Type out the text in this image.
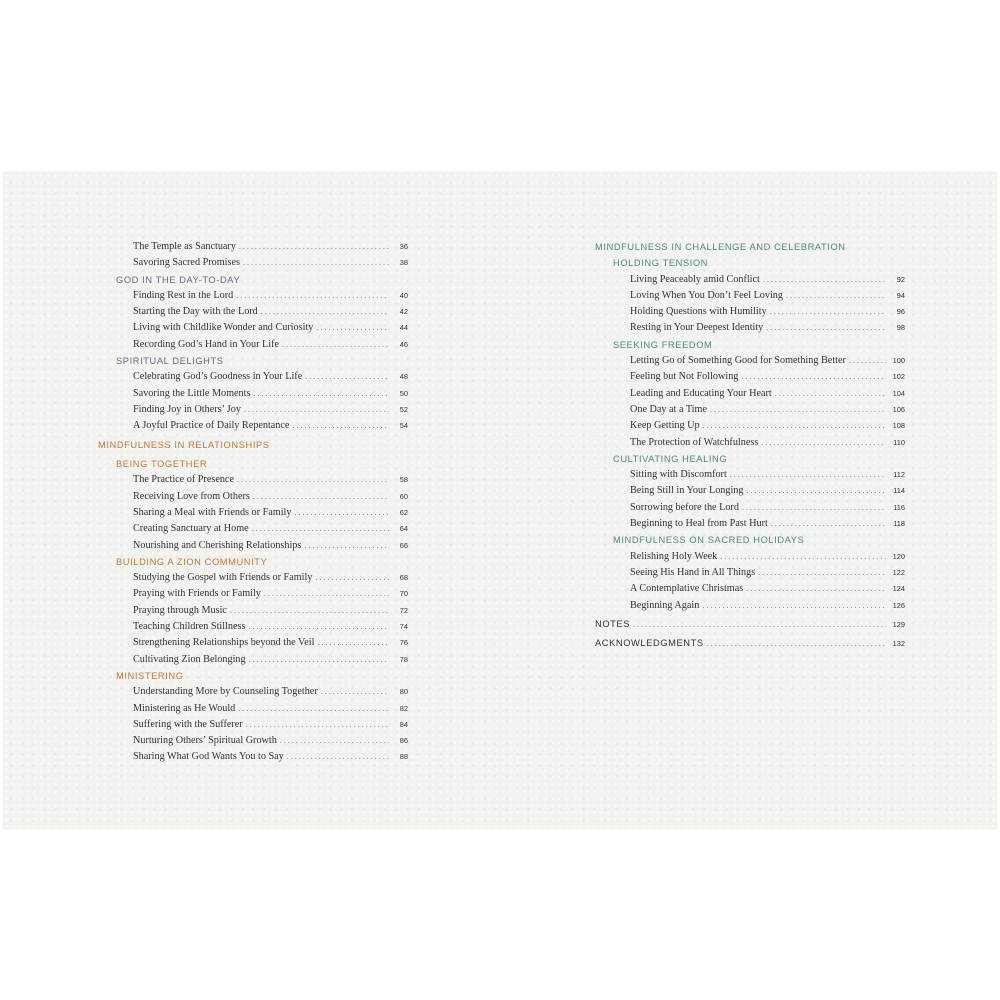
The Temple as Sanctuary . . .	36
Savoring Sacred Promises . . .	38
GOD IN THE DAY-TO-DAY
Finding Rest in the Lord . . .	40
Starting the Day with the Lord . . .	42
Living with Childlike Wonder and Curiosity . . .	44
Recording God’s Hand in Your Life . . .	46
SPIRITUAL DELIGHTS
Celebrating God’s Goodness in Your Life . . .	48
Savoring the Little Moments . . .	50
Finding Joy in Others’ Joy . . .	52
A Joyful Practice of Daily Repentance . . .	54
MINDFULNESS IN RELATIONSHIPS
BEING TOGETHER
The Practice of Presence . . .	58
Receiving Love from Others . . .	60
Sharing a Meal with Friends or Family . . .	62
Creating Sanctuary at Home . . .	64
Nourishing and Cherishing Relationships . . .	66
BUILDING A ZION COMMUNITY
Studying the Gospel with Friends or Family . . .	68
Praying with Friends or Family . . .	70
Praying through Music . . .	72
Teaching Children Stillness . . .	74
Strengthening Relationships beyond the Veil . . .	76
Cultivating Zion Belonging . . .	78
MINISTERING
Understanding More by Counseling Together . . .	80
Ministering as He Would . . .	82
Suffering with the Sufferer . . .	84
Nurturing Others’ Spiritual Growth . . .	86
Sharing What God Wants You to Say . . .	88
MINDFULNESS IN CHALLENGE AND CELEBRATION
HOLDING TENSION
Living Peaceably amid Conflict . . .	92
Loving When You Don’t Feel Loving . . .	94
Holding Questions with Humility . . .	96
Resting in Your Deepest Identity . . .	98
SEEKING FREEDOM
Letting Go of Something Good for Something Better . . .	100
Feeling but Not Following . . .	102
Leading and Educating Your Heart . . .	104
One Day at a Time . . .	106
Keep Getting Up . . .	108
The Protection of Watchfulness . . .	110
CULTIVATING HEALING
Sitting with Discomfort . . .	112
Being Still in Your Longing . . .	114
Sorrowing before the Lord . . .	116
Beginning to Heal from Past Hurt . . .	118
MINDFULNESS ON SACRED HOLIDAYS
Relishing Holy Week . . .	120
Seeing His Hand in All Things . . .	122
A Contemplative Christmas . . .	124
Beginning Again . . .	126
NOTES . . .	129
ACKNOWLEDGMENTS . . .	132
